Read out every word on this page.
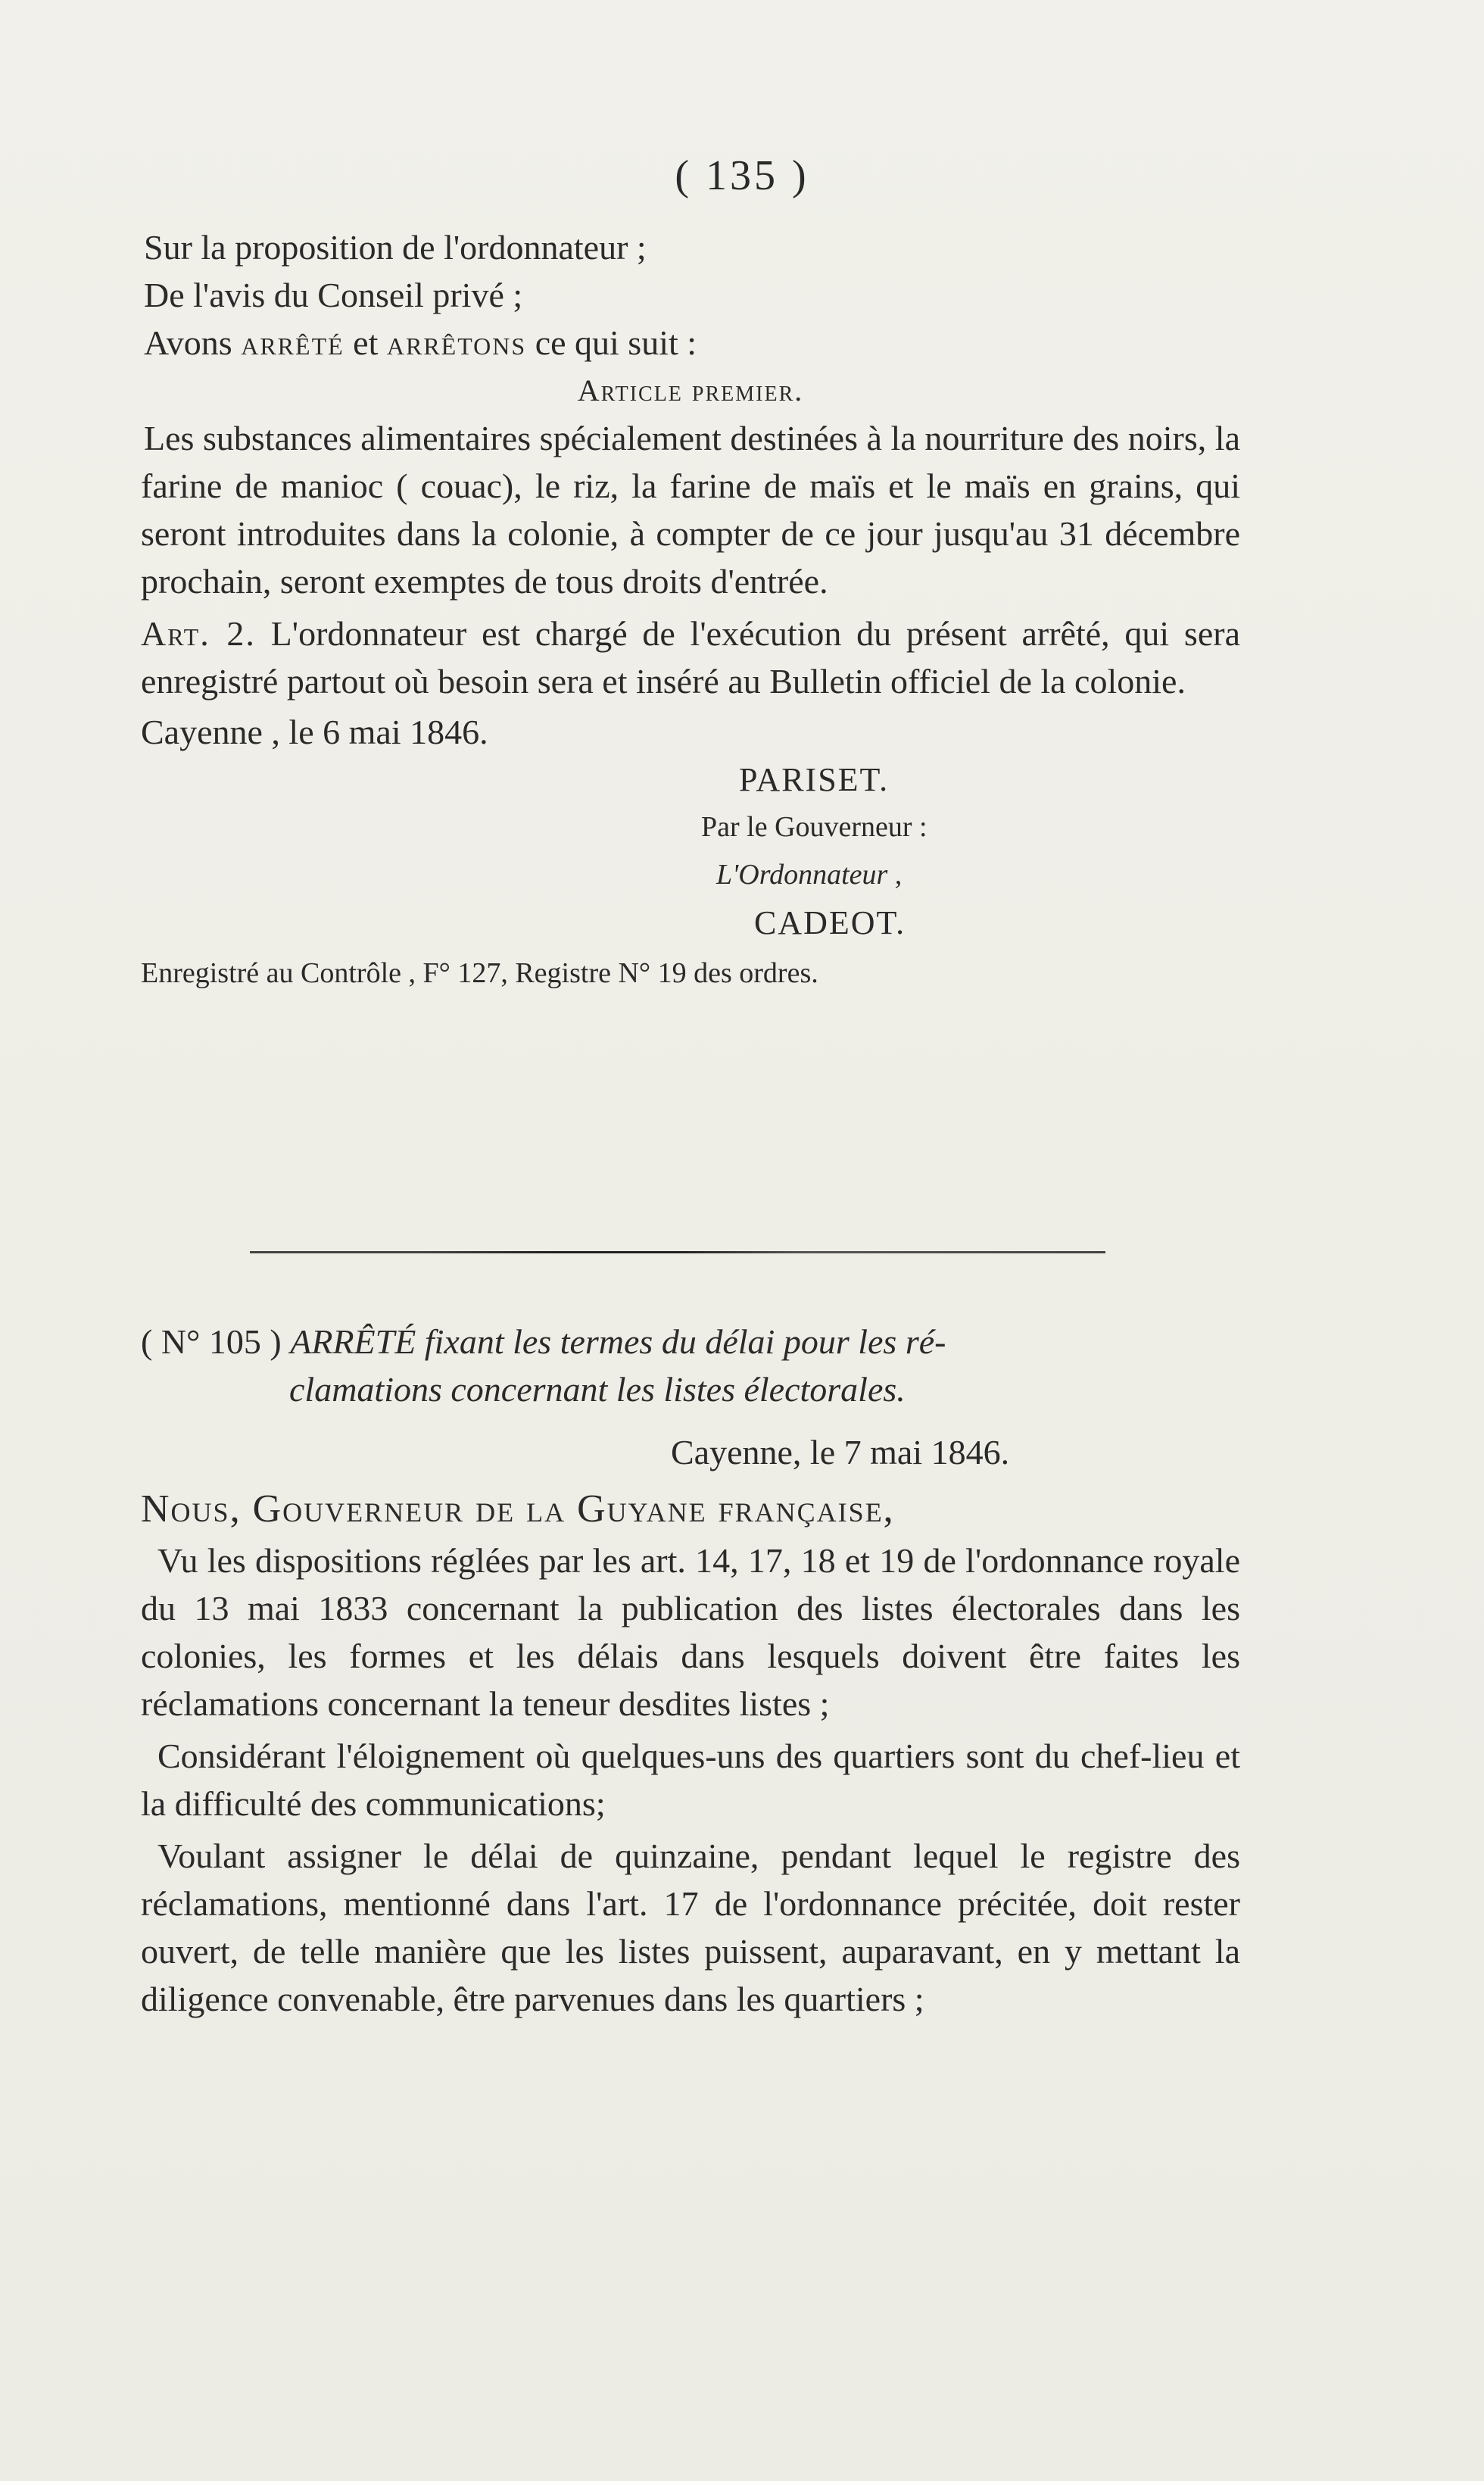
( 135 )

Sur la proposition de l'ordonnateur ;

De l'avis du Conseil privé ;

Avons arrêté et arrêtons ce qui suit :

Article premier.

Les substances alimentaires spécialement destinées à la nourriture des noirs, la farine de manioc ( couac), le riz, la farine de maïs et le maïs en grains, qui seront introduites dans la colonie, à compter de ce jour jusqu'au 31 décembre prochain, seront exemptes de tous droits d'entrée.

Art. 2. L'ordonnateur est chargé de l'exécution du présent arrêté, qui sera enregistré partout où besoin sera et inséré au Bulletin officiel de la colonie.

Cayenne , le 6 mai 1846.

PARISET.

Par le Gouverneur :

L'Ordonnateur ,

CADEOT.

Enregistré au Contrôle , F° 127, Registre N° 19 des ordres.

( N° 105 ) ARRÊTÉ fixant les termes du délai pour les ré-

clamations concernant les listes électorales.

Cayenne, le 7 mai 1846.

Nous, Gouverneur de la Guyane française,

Vu les dispositions réglées par les art. 14, 17, 18 et 19 de l'ordonnance royale du 13 mai 1833 concernant la publication des listes électorales dans les colonies, les formes et les délais dans lesquels doivent être faites les réclamations concernant la teneur desdites listes ;

Considérant l'éloignement où quelques-uns des quartiers sont du chef-lieu et la difficulté des communications;

Voulant assigner le délai de quinzaine, pendant lequel le registre des réclamations, mentionné dans l'art. 17 de l'ordonnance précitée, doit rester ouvert, de telle manière que les listes puissent, auparavant, en y mettant la diligence convenable, être parvenues dans les quartiers ;
